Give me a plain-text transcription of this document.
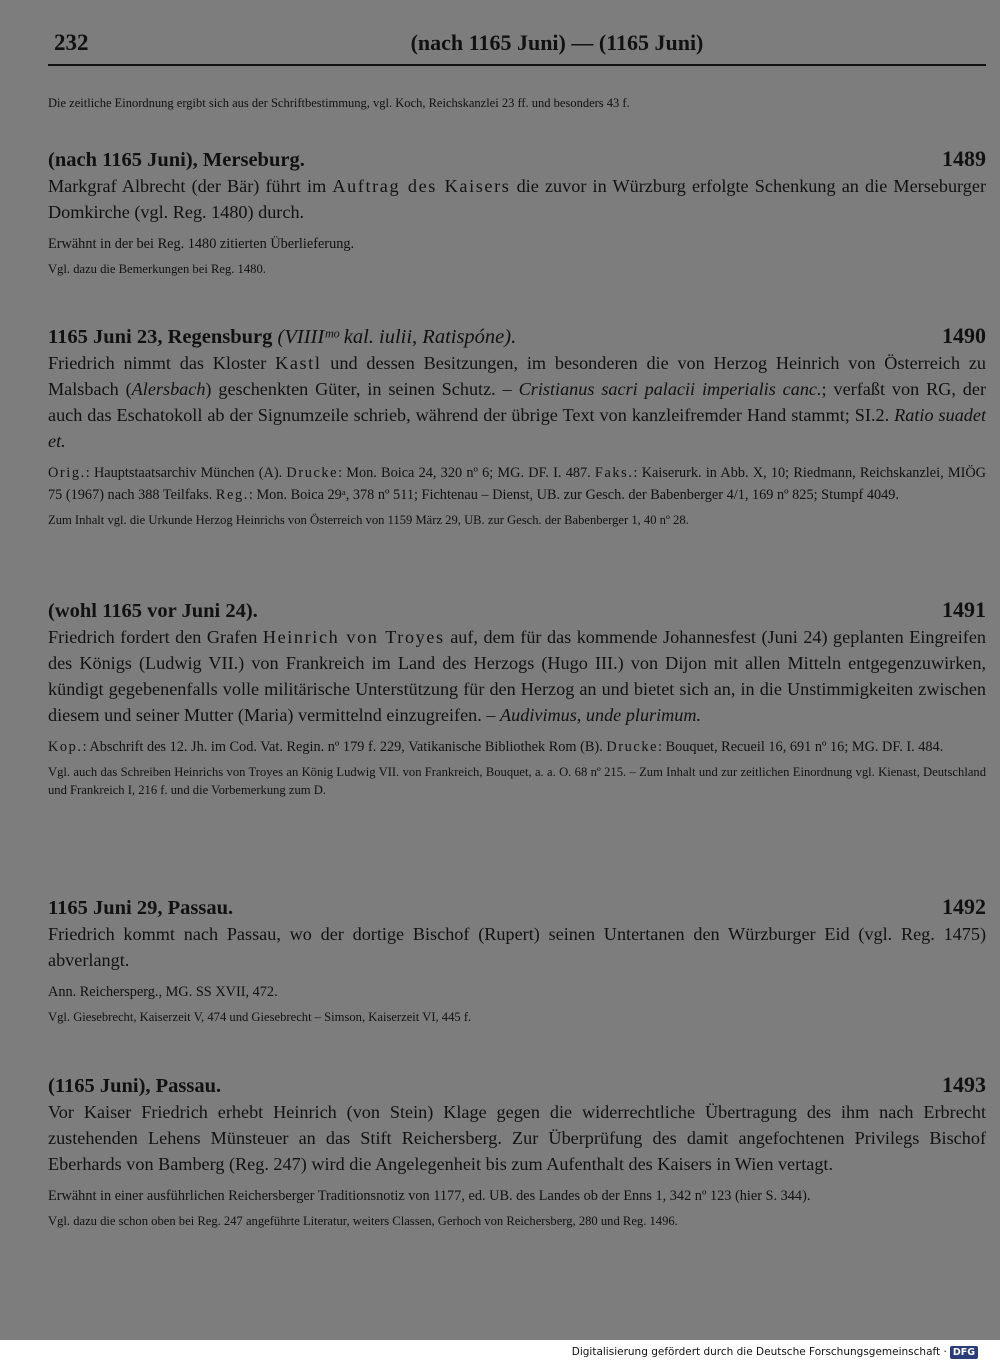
232	(nach 1165 Juni) — (1165 Juni)

Die zeitliche Einordnung ergibt sich aus der Schriftbestimmung, vgl. Koch, Reichskanzlei 23 ff. und besonders 43 f.

(nach 1165 Juni), Merseburg.	1489

Markgraf Albrecht (der Bär) führt im Auftrag des Kaisers die zuvor in Würzburg erfolgte Schenkung an die Merseburger Domkirche (vgl. Reg. 1480) durch.

Erwähnt in der bei Reg. 1480 zitierten Überlieferung.

Vgl. dazu die Bemerkungen bei Reg. 1480.

1165 Juni 23, Regensburg (VIIIIᵐᵒ kal. iulii, Ratispóne).	1490

Friedrich nimmt das Kloster Kastl und dessen Besitzungen, im besonderen die von Herzog Heinrich von Österreich zu Malsbach (Alersbach) geschenkten Güter, in seinen Schutz. – Cristianus sacri palacii imperialis canc.; verfaßt von RG, der auch das Eschatokoll ab der Signumzeile schrieb, während der übrige Text von kanzleifremder Hand stammt; SI.2. Ratio suadet et.

Orig.: Hauptstaatsarchiv München (A). Drucke: Mon. Boica 24, 320 nº 6; MG. DF. I. 487. Faks.: Kaiserurk. in Abb. X, 10; Riedmann, Reichskanzlei, MIÖG 75 (1967) nach 388 Teilfaks. Reg.: Mon. Boica 29ᵃ, 378 nº 511; Fichtenau – Dienst, UB. zur Gesch. der Babenberger 4/1, 169 nº 825; Stumpf 4049.

Zum Inhalt vgl. die Urkunde Herzog Heinrichs von Österreich von 1159 März 29, UB. zur Gesch. der Babenberger 1, 40 nº 28.

(wohl 1165 vor Juni 24).	1491

Friedrich fordert den Grafen Heinrich von Troyes auf, dem für das kommende Johannesfest (Juni 24) geplanten Eingreifen des Königs (Ludwig VII.) von Frankreich im Land des Herzogs (Hugo III.) von Dijon mit allen Mitteln entgegenzuwirken, kündigt gegebenenfalls volle militärische Unterstützung für den Herzog an und bietet sich an, in die Unstimmigkeiten zwischen diesem und seiner Mutter (Maria) vermittelnd einzugreifen. – Audivimus, unde plurimum.

Kop.: Abschrift des 12. Jh. im Cod. Vat. Regin. nº 179 f. 229, Vatikanische Bibliothek Rom (B). Drucke: Bouquet, Recueil 16, 691 nº 16; MG. DF. I. 484.

Vgl. auch das Schreiben Heinrichs von Troyes an König Ludwig VII. von Frankreich, Bouquet, a. a. O. 68 nº 215. – Zum Inhalt und zur zeitlichen Einordnung vgl. Kienast, Deutschland und Frankreich I, 216 f. und die Vorbemerkung zum D.

1165 Juni 29, Passau.	1492

Friedrich kommt nach Passau, wo der dortige Bischof (Rupert) seinen Untertanen den Würzburger Eid (vgl. Reg. 1475) abverlangt.

Ann. Reichersperg., MG. SS XVII, 472.

Vgl. Giesebrecht, Kaiserzeit V, 474 und Giesebrecht – Simson, Kaiserzeit VI, 445 f.

(1165 Juni), Passau.	1493

Vor Kaiser Friedrich erhebt Heinrich (von Stein) Klage gegen die widerrechtliche Übertragung des ihm nach Erbrecht zustehenden Lehens Münsteuer an das Stift Reichersberg. Zur Überprüfung des damit angefochtenen Privilegs Bischof Eberhards von Bamberg (Reg. 247) wird die Angelegenheit bis zum Aufenthalt des Kaisers in Wien vertagt.

Erwähnt in einer ausführlichen Reichersberger Traditionsnotiz von 1177, ed. UB. des Landes ob der Enns 1, 342 nº 123 (hier S. 344).

Vgl. dazu die schon oben bei Reg. 247 angeführte Literatur, weiters Classen, Gerhoch von Reichersberg, 280 und Reg. 1496.

Digitalisierung gefördert durch die Deutsche Forschungsgemeinschaft · DFG
